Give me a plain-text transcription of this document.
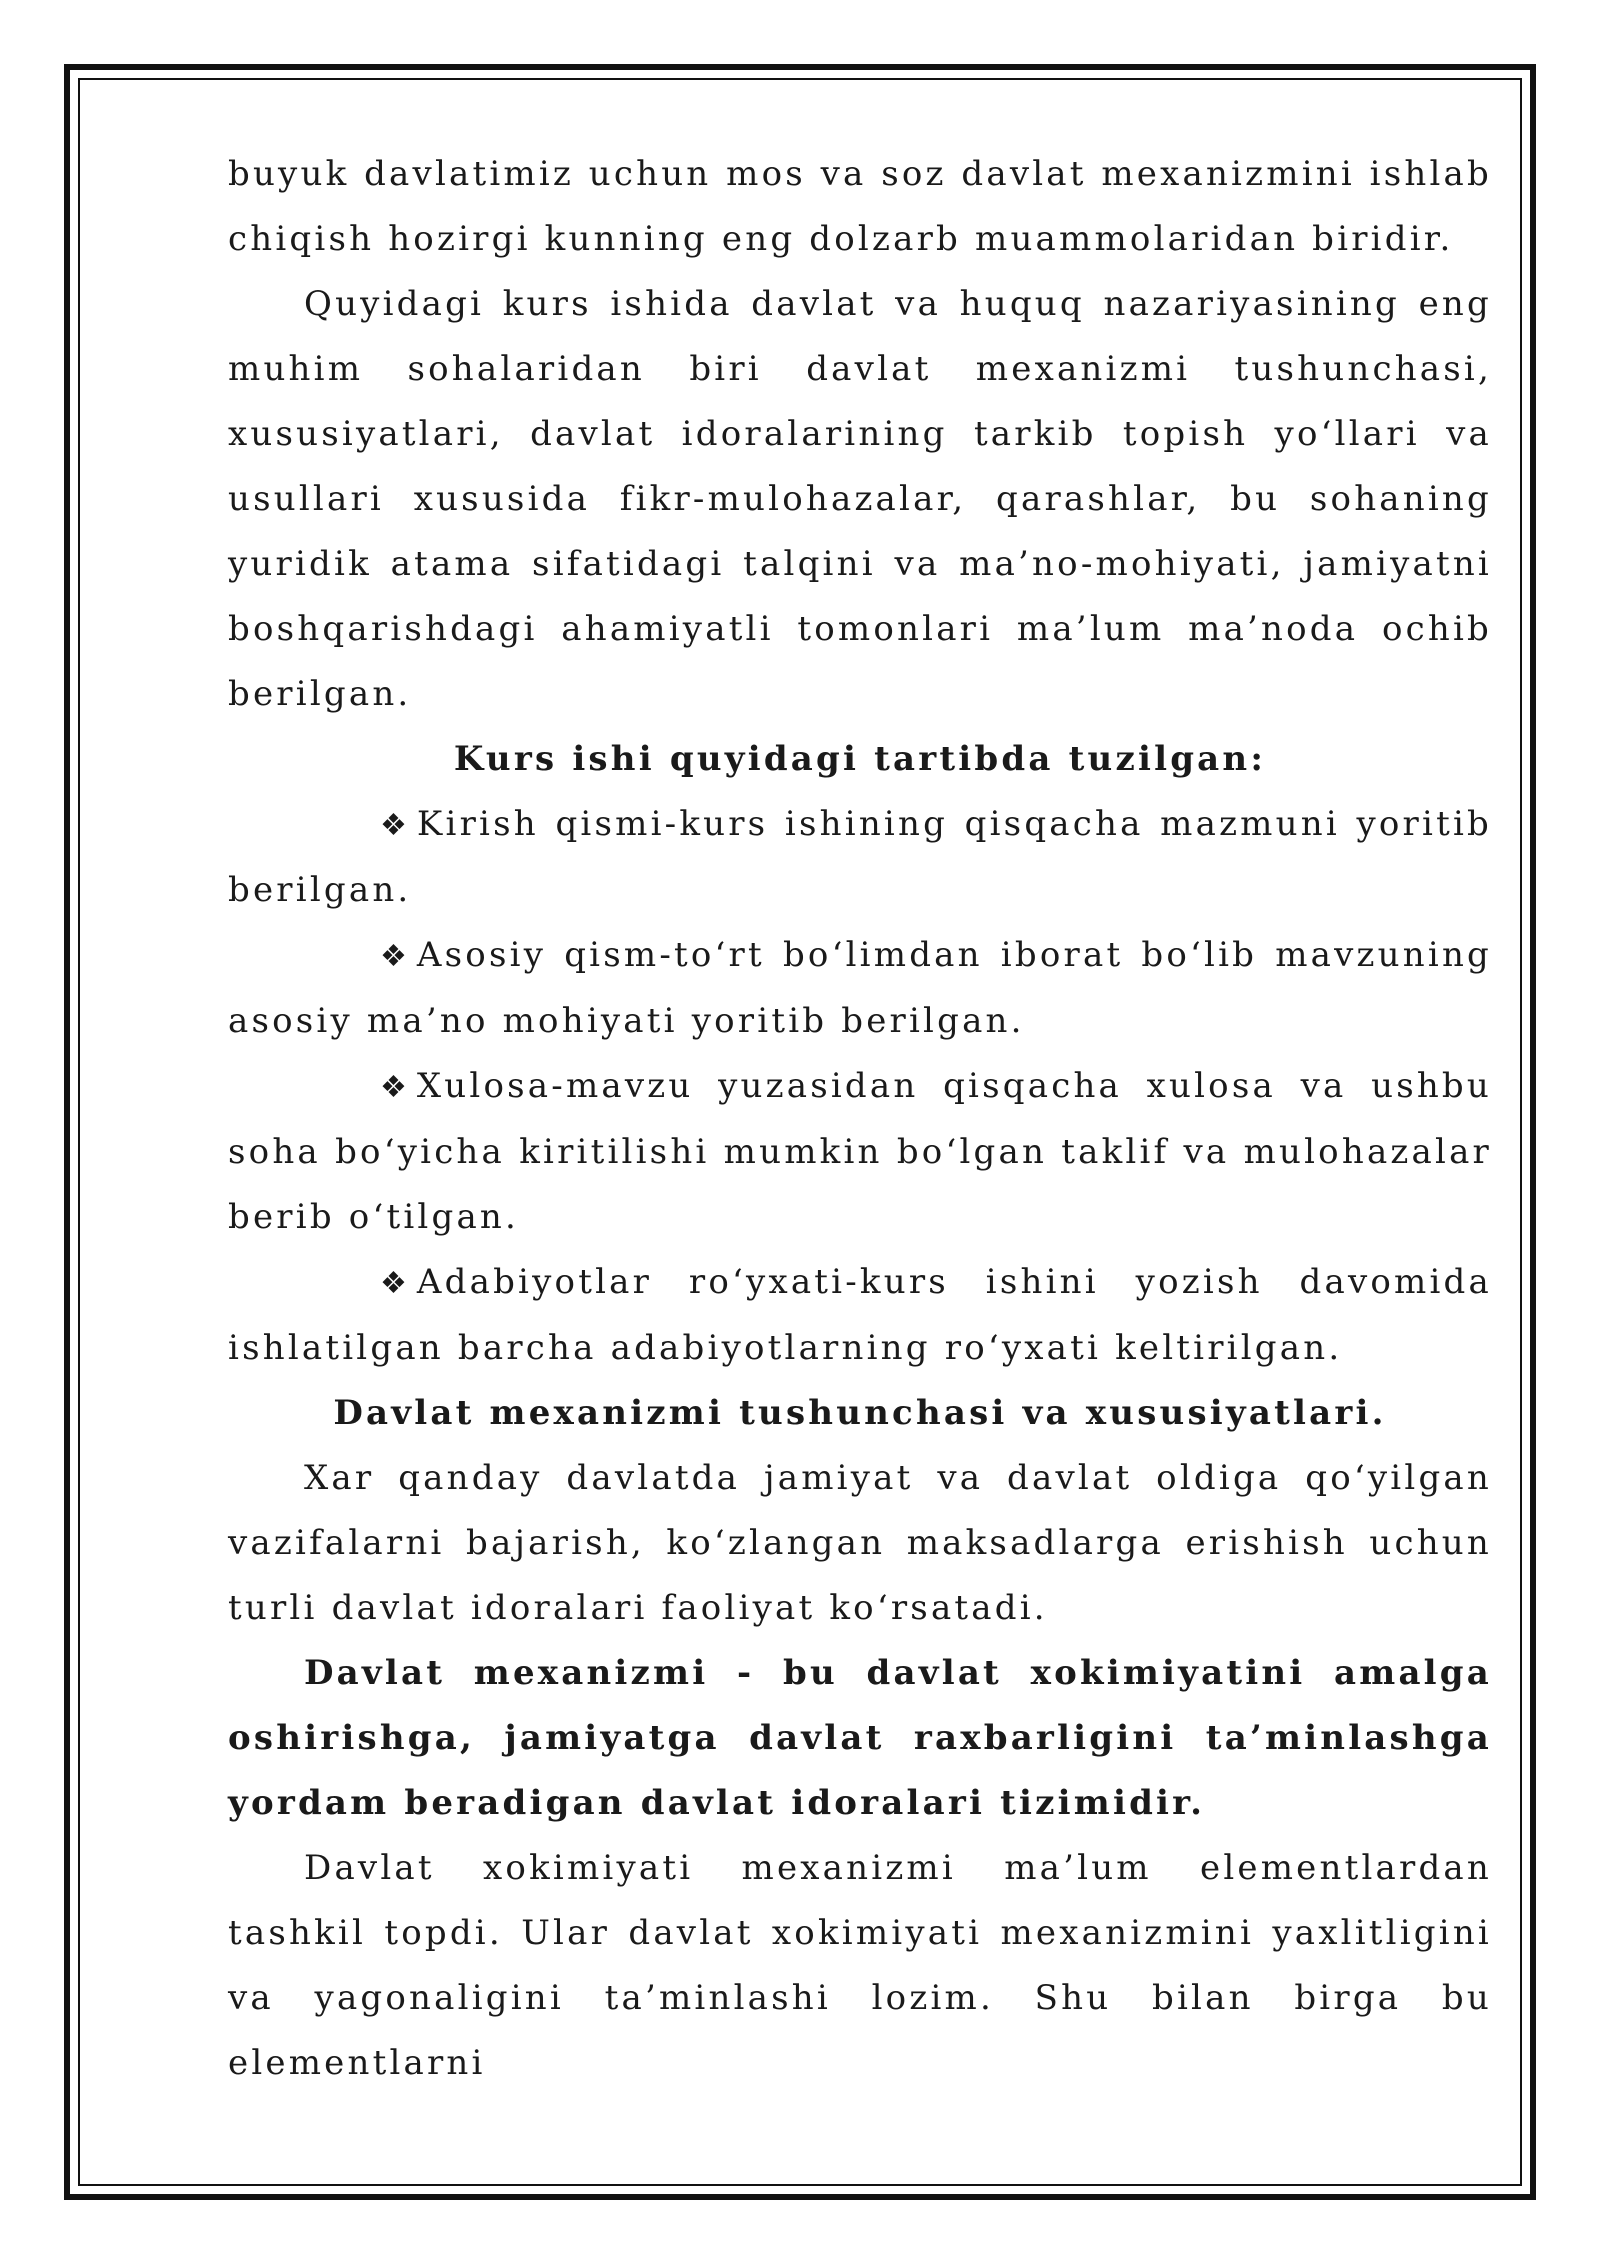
buyuk davlatimiz uchun mos va soz davlat mexanizmini ishlab chiqish hozirgi kunning eng dolzarb muammolaridan biridir.

Quyidagi kurs ishida davlat va huquq nazariyasining eng muhim sohalaridan biri davlat mexanizmi tushunchasi, xususiyatlari, davlat idoralarining tarkib topish yo‘llari va usullari xususida fikr-mulohazalar, qarashlar, bu sohaning yuridik atama sifatidagi talqini va ma’no-mohiyati, jamiyatni boshqarishdagi ahamiyatli tomonlari ma’lum ma’noda ochib berilgan.

Kurs ishi quyidagi tartibda tuzilgan:

❖ Kirish qismi-kurs ishining qisqacha mazmuni yoritib berilgan.

❖ Asosiy qism-to‘rt bo‘limdan iborat bo‘lib mavzuning asosiy ma’no mohiyati yoritib berilgan.

❖ Xulosa-mavzu yuzasidan qisqacha xulosa va ushbu soha bo‘yicha kiritilishi mumkin bo‘lgan taklif va mulohazalar berib o‘tilgan.

❖ Adabiyotlar ro‘yxati-kurs ishini yozish davomida ishlatilgan barcha adabiyotlarning ro‘yxati keltirilgan.

Davlat mexanizmi tushunchasi va xususiyatlari.

Xar qanday davlatda jamiyat va davlat oldiga qo‘yilgan vazifalarni bajarish, ko‘zlangan maksadlarga erishish uchun turli davlat idoralari faoliyat ko‘rsatadi.

Davlat mexanizmi - bu davlat xokimiyatini amalga oshirishga, jamiyatga davlat raxbarligini ta’minlashga yordam beradigan davlat idoralari tizimidir.

Davlat xokimiyati mexanizmi ma’lum elementlardan tashkil topdi. Ular davlat xokimiyati mexanizmini yaxlitligini va yagonaligini ta’minlashi lozim. Shu bilan birga bu elementlarni
